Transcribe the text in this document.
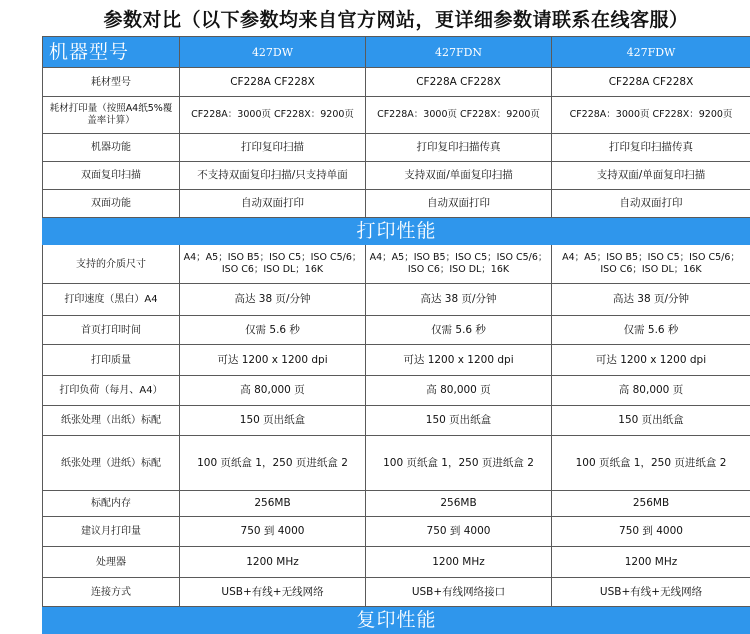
参数对比（以下参数均来自官方网站，更详细参数请联系在线客服）
机器型号	427DW	427FDN	427FDW
耗材型号	CF228A CF228X	CF228A CF228X	CF228A CF228X
耗材打印量（按照A4纸5%覆盖率计算）	CF228A：3000页 CF228X：9200页	CF228A：3000页 CF228X：9200页	CF228A：3000页 CF228X：9200页
机器功能	打印复印扫描	打印复印扫描传真	打印复印扫描传真
双面复印扫描	不支持双面复印扫描/只支持单面	支持双面/单面复印扫描	支持双面/单面复印扫描
双面功能	自动双面打印	自动双面打印	自动双面打印
打印性能			
支持的介质尺寸	A4；A5；ISO B5；ISO C5；ISO C5/6；ISO C6；ISO DL；16K	A4；A5；ISO B5；ISO C5；ISO C5/6；ISO C6；ISO DL；16K	A4；A5；ISO B5；ISO C5；ISO C5/6；ISO C6；ISO DL；16K
打印速度（黑白）A4	高达 38 页/分钟	高达 38 页/分钟	高达 38 页/分钟
首页打印时间	仅需 5.6 秒	仅需 5.6 秒	仅需 5.6 秒
打印质量	可达 1200 x 1200 dpi	可达 1200 x 1200 dpi	可达 1200 x 1200 dpi
打印负荷（每月、A4）	高 80,000 页	高 80,000 页	高 80,000 页
纸张处理（出纸）标配	150 页出纸盒	150 页出纸盒	150 页出纸盒
纸张处理（进纸）标配	100 页纸盒 1，250 页进纸盒 2	100 页纸盒 1，250 页进纸盒 2	100 页纸盒 1，250 页进纸盒 2
标配内存	256MB	256MB	256MB
建议月打印量	750 到 4000	750 到 4000	750 到 4000
处理器	1200 MHz	1200 MHz	1200 MHz
连接方式	USB+有线+无线网络	USB+有线网络接口	USB+有线+无线网络
复印性能			
